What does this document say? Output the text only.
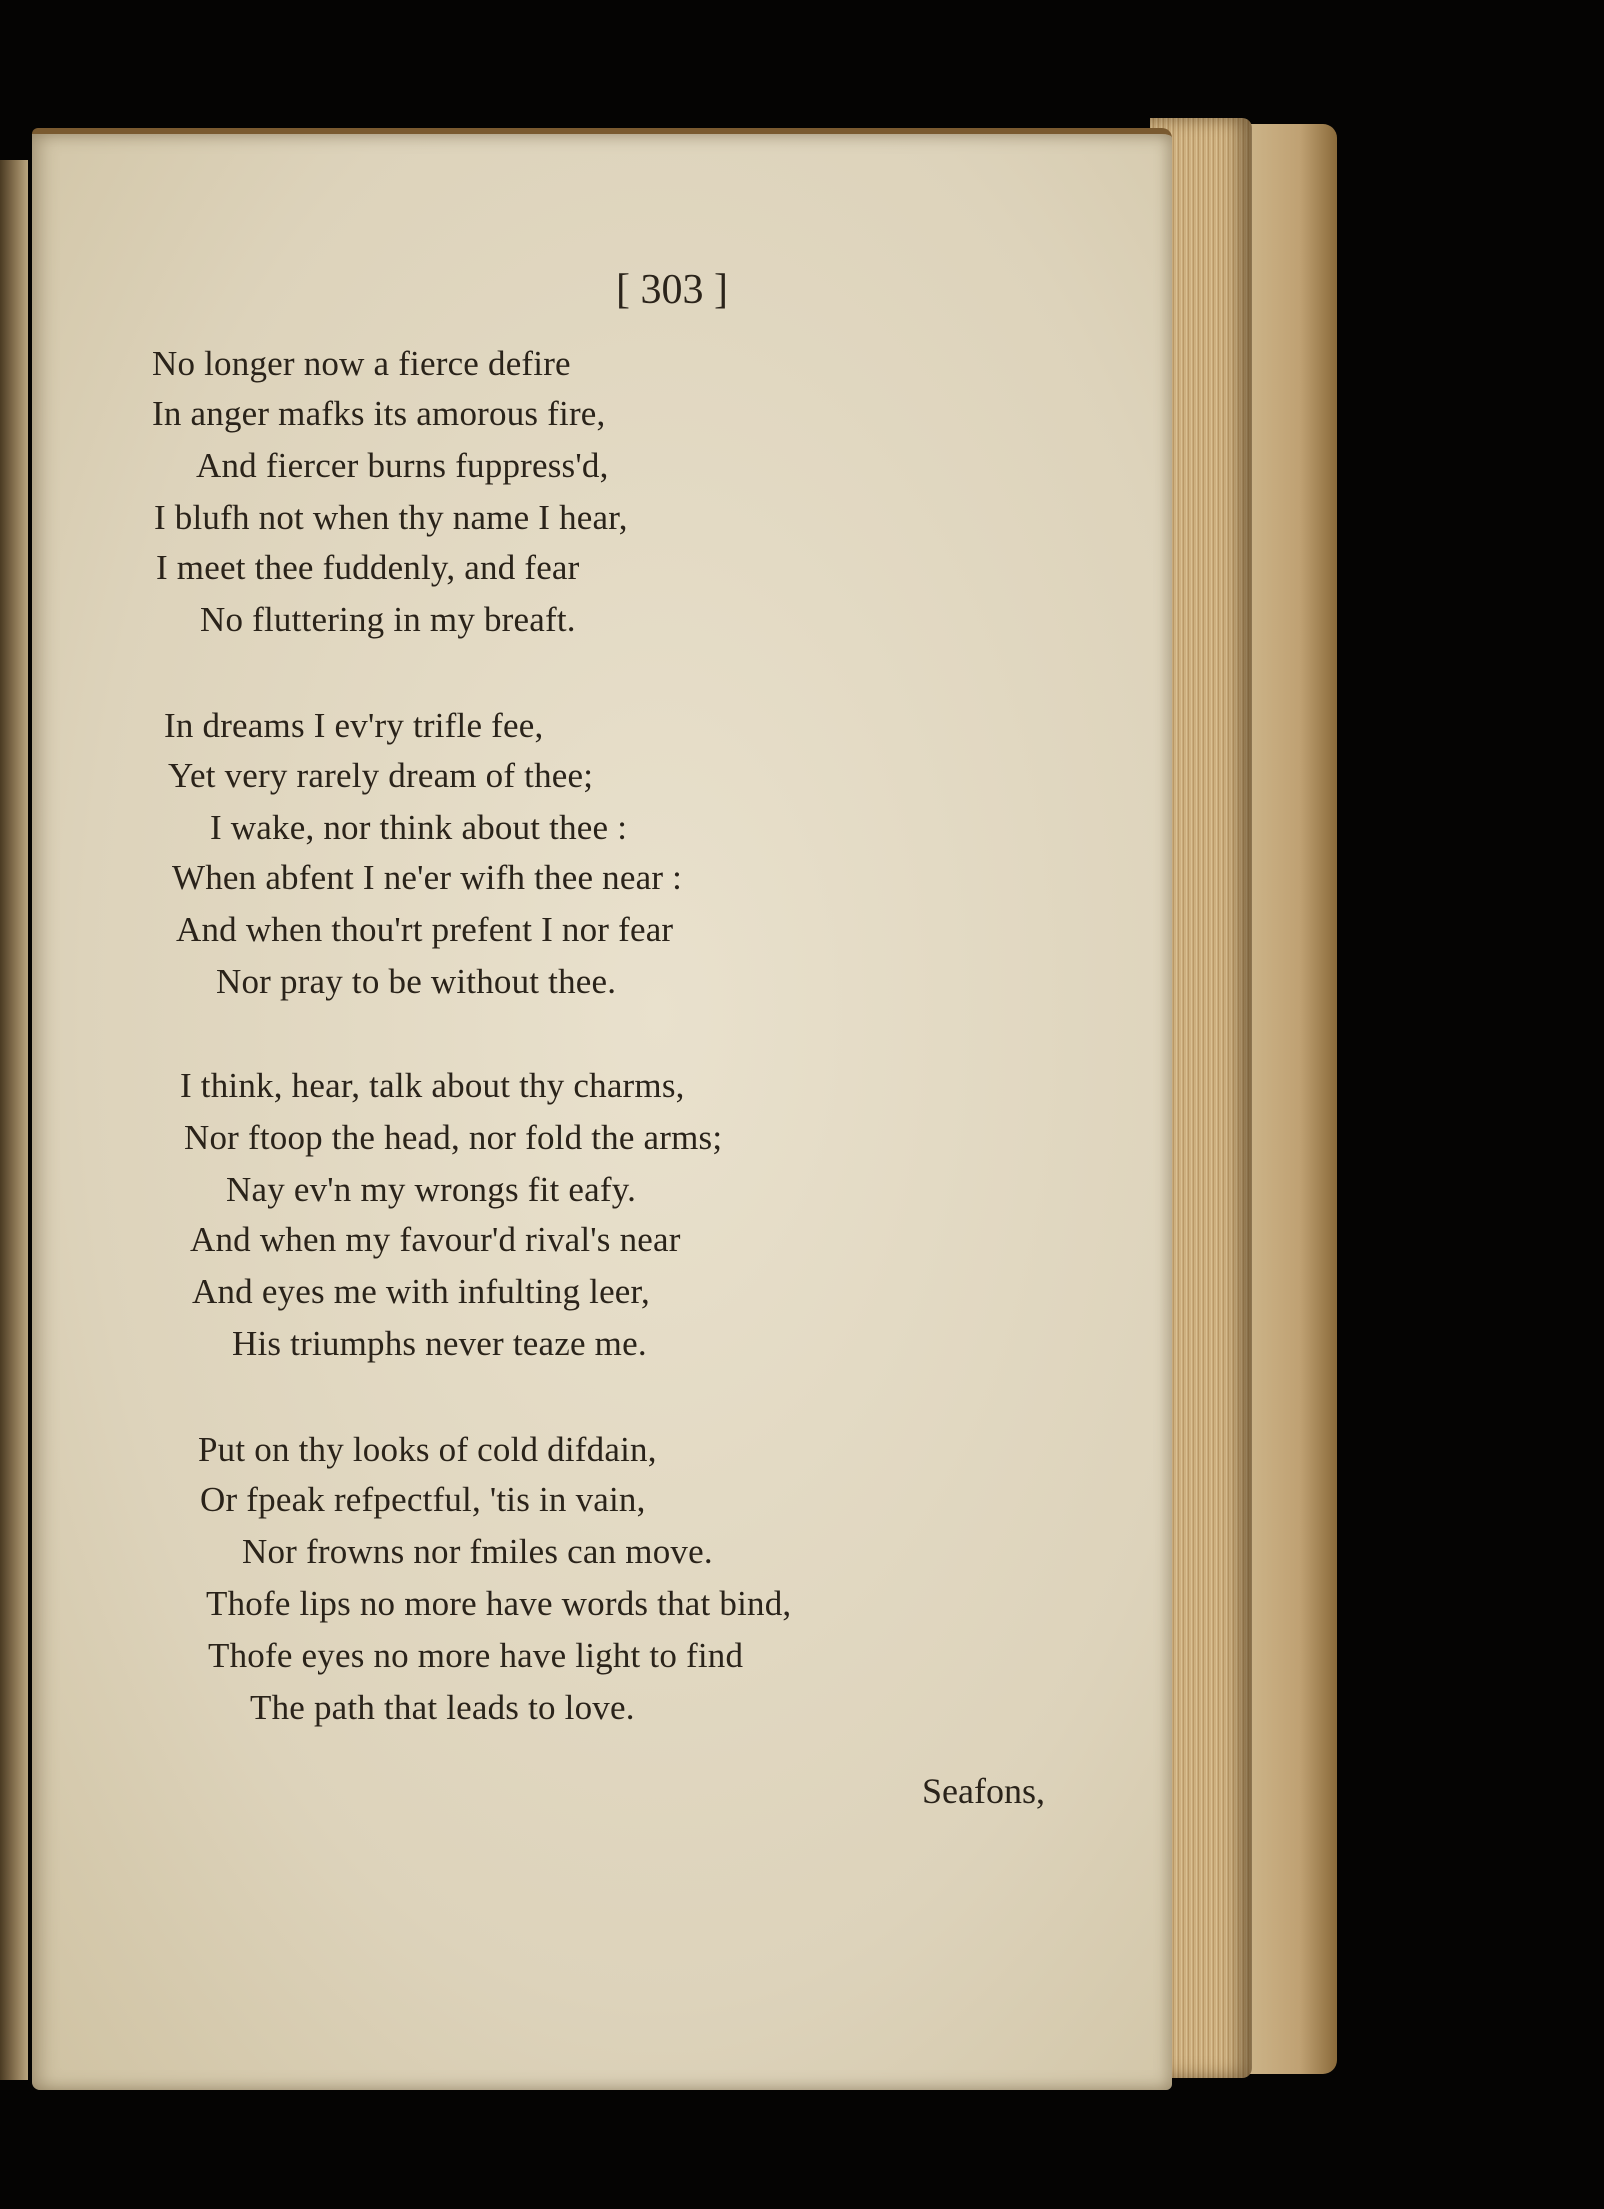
[ 303 ]
No longer now a fierce defire
In anger mafks its amorous fire,
And fiercer burns fuppress'd,
I blufh not when thy name I hear,
I meet thee fuddenly, and fear
No fluttering in my breaft.
In dreams I ev'ry trifle fee,
Yet very rarely dream of thee;
I wake, nor think about thee :
When abfent I ne'er wifh thee near :
And when thou'rt prefent I nor fear
Nor pray to be without thee.
I think, hear, talk about thy charms,
Nor ftoop the head, nor fold the arms;
Nay ev'n my wrongs fit eafy.
And when my favour'd rival's near
And eyes me with infulting leer,
His triumphs never teaze me.
Put on thy looks of cold difdain,
Or fpeak refpectful, 'tis in vain,
Nor frowns nor fmiles can move.
Thofe lips no more have words that bind,
Thofe eyes no more have light to find
The path that leads to love.
Seafons,
